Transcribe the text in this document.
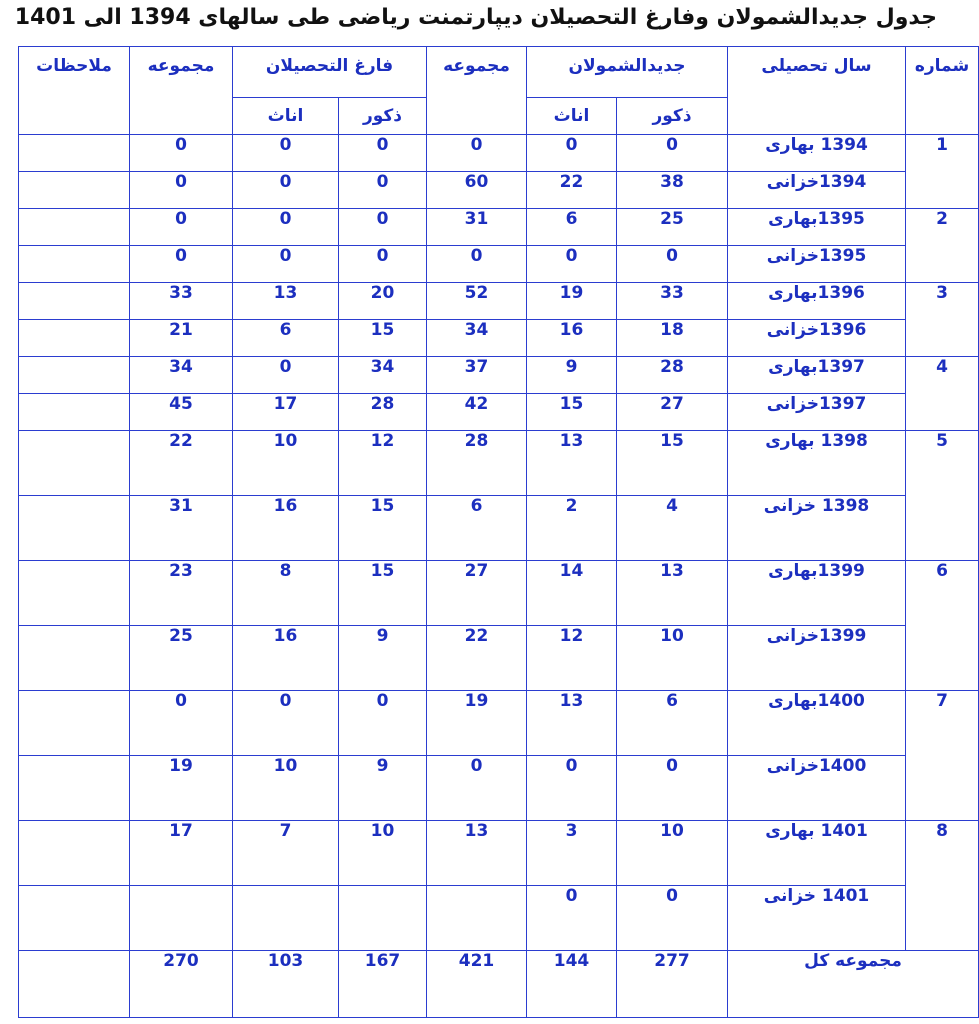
جدول جدیدالشمولان وفارغ التحصیلان دیپارتمنت ریاضی طی سالهای 1394 الی 1401
شماره	سال تحصیلی	جدیدالشمولان		مجموعه	فارغ التحصیلان		مجموعه	ملاحظات
		ذکور	اناث		ذکور	اناث		
1	1394 بهاری	0	0	0	0	0	0	
	1394خزانی	38	22	60	0	0	0	
2	1395بهاری	25	6	31	0	0	0	
	1395خزانی	0	0	0	0	0	0	
3	1396بهاری	33	19	52	20	13	33	
	1396خزانی	18	16	34	15	6	21	
4	1397بهاری	28	9	37	34	0	34	
	1397خزانی	27	15	42	28	17	45	
5	1398 بهاری	15	13	28	12	10	22	
	1398 خزانی	4	2	6	15	16	31	
6	1399بهاری	13	14	27	15	8	23	
	1399خزانی	10	12	22	9	16	25	
7	1400بهاری	6	13	19	0	0	0	
	1400خزانی	0	0	0	9	10	19	
8	1401 بهاری	10	3	13	10	7	17	
	1401 خزانی	0	0					
مجموعه کل		277	144	421	167	103	270	
